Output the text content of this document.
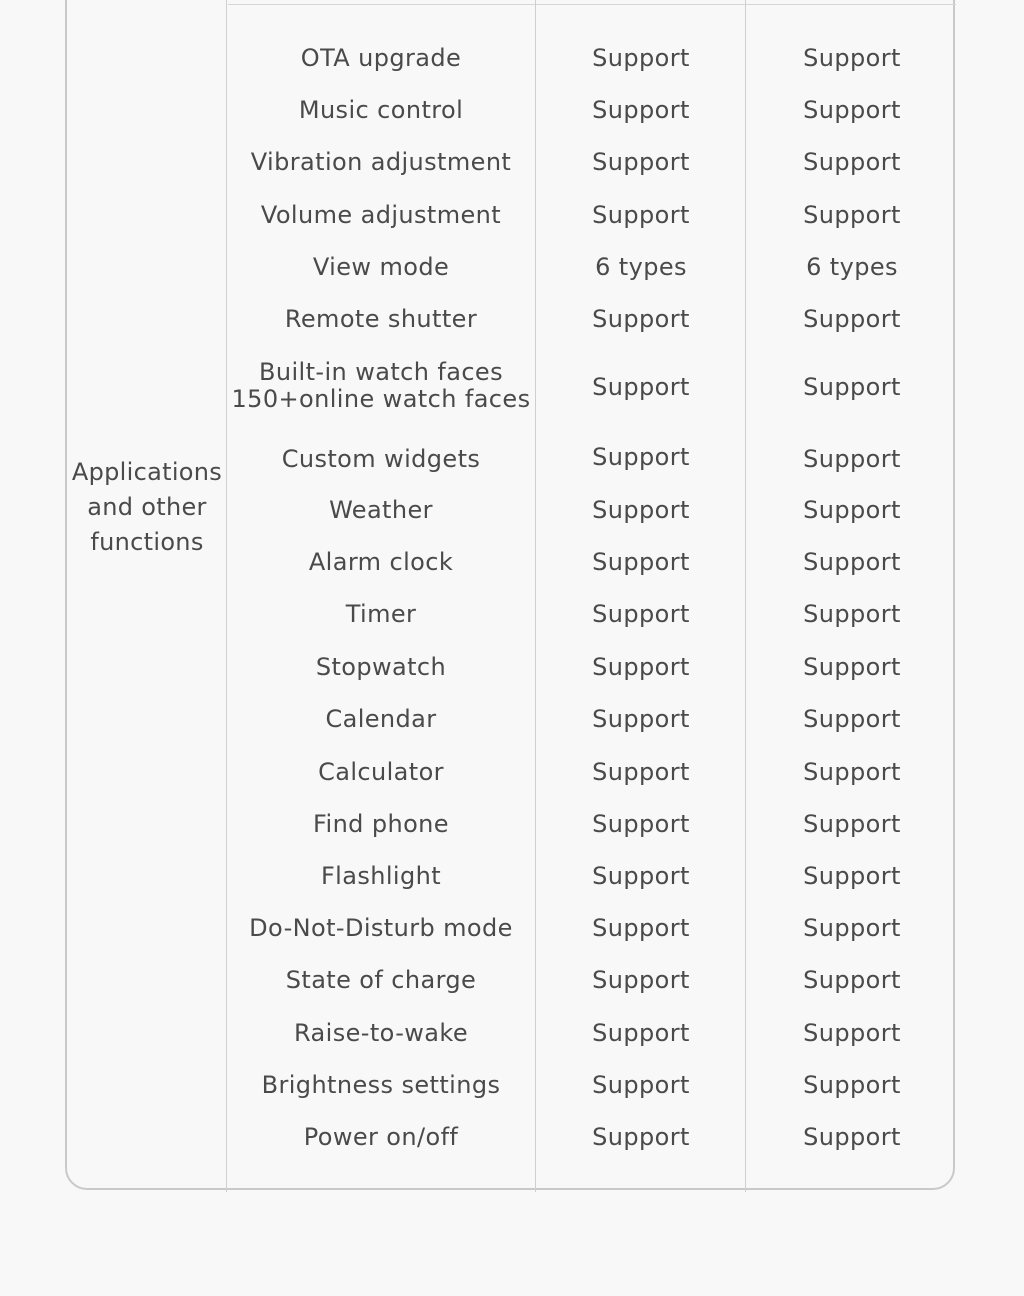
Applications and other functions
OTA upgrade	Support	Support
Music control	Support	Support
Vibration adjustment	Support	Support
Volume adjustment	Support	Support
View mode	6 types	6 types
Remote shutter	Support	Support
Built-in watch faces
150+online watch faces	Support	Support
Custom widgets	Support	Support
Weather	Support	Support
Alarm clock	Support	Support
Timer	Support	Support
Stopwatch	Support	Support
Calendar	Support	Support
Calculator	Support	Support
Find phone	Support	Support
Flashlight	Support	Support
Do-Not-Disturb mode	Support	Support
State of charge	Support	Support
Raise-to-wake	Support	Support
Brightness settings	Support	Support
Power on/off	Support	Support
